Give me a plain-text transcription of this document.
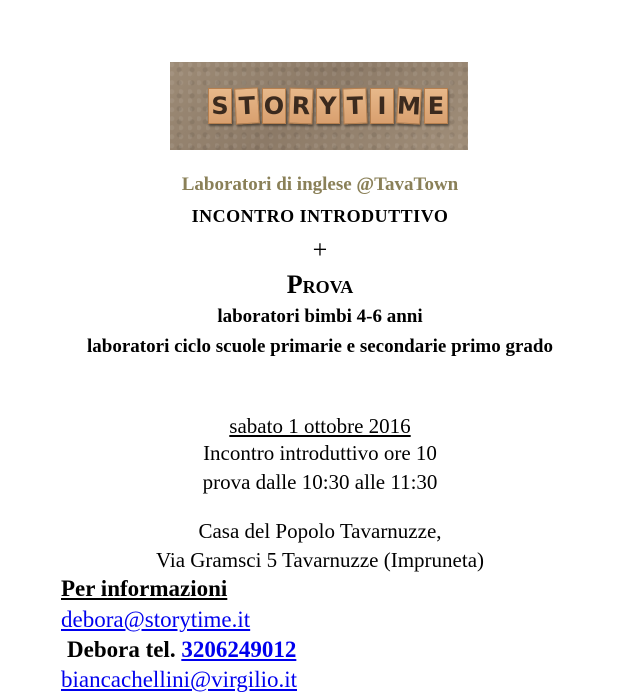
S T O R Y T I M E
Laboratori di inglese @TavaTown
INCONTRO INTRODUTTIVO
+
Prova
laboratori bimbi 4-6 anni
laboratori ciclo scuole primarie e secondarie primo grado
sabato 1 ottobre 2016
Incontro introduttivo ore 10
prova dalle 10:30 alle 11:30
Casa del Popolo Tavarnuzze,
Via Gramsci 5 Tavarnuzze (Impruneta)
Per informazioni
debora@storytime.it
Debora tel. 3206249012
biancachellini@virgilio.it
